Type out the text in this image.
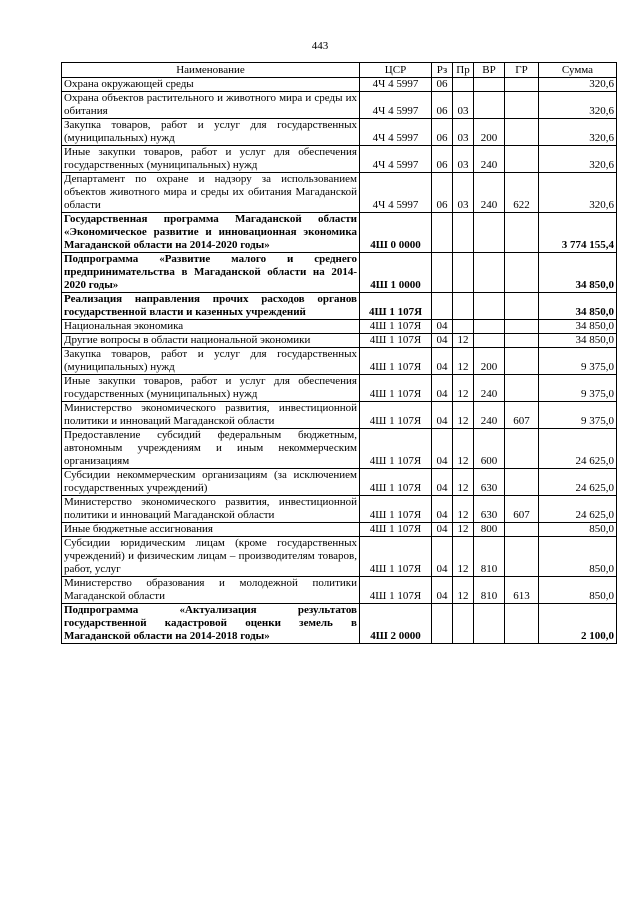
443
Наименование	ЦСР	Рз	Пр	ВР	ГР	Сумма
Охрана окружающей среды	4Ч 4 5997	06				320,6
Охрана объектов растительного и животного мира и среды их обитания	4Ч 4 5997	06	03			320,6
Закупка товаров, работ и услуг для государственных (муниципальных) нужд	4Ч 4 5997	06	03	200		320,6
Иные закупки товаров, работ и услуг для обеспечения государственных (муниципальных) нужд	4Ч 4 5997	06	03	240		320,6
Департамент по охране и надзору за использованием объектов животного мира и среды их обитания Магаданской области	4Ч 4 5997	06	03	240	622	320,6
Государственная программа Магаданской области «Экономическое развитие и инновационная экономика Магаданской области на 2014-2020 годы»	4Ш 0 0000					3 774 155,4
Подпрограмма «Развитие малого и среднего предпринимательства в Магаданской области на 2014-2020 годы»	4Ш 1 0000					34 850,0
Реализация направления прочих расходов органов государственной власти и казенных учреждений	4Ш 1 107Я					34 850,0
Национальная экономика	4Ш 1 107Я	04				34 850,0
Другие вопросы в области национальной экономики	4Ш 1 107Я	04	12			34 850,0
Закупка товаров, работ и услуг для государственных (муниципальных) нужд	4Ш 1 107Я	04	12	200		9 375,0
Иные закупки товаров, работ и услуг для обеспечения государственных (муниципальных) нужд	4Ш 1 107Я	04	12	240		9 375,0
Министерство экономического развития, инвестиционной политики и инноваций Магаданской области	4Ш 1 107Я	04	12	240	607	9 375,0
Предоставление субсидий федеральным бюджетным, автономным учреждениям и иным некоммерческим организациям	4Ш 1 107Я	04	12	600		24 625,0
Субсидии некоммерческим организациям (за исключением государственных учреждений)	4Ш 1 107Я	04	12	630		24 625,0
Министерство экономического развития, инвестиционной политики и инноваций Магаданской области	4Ш 1 107Я	04	12	630	607	24 625,0
Иные бюджетные ассигнования	4Ш 1 107Я	04	12	800		850,0
Субсидии юридическим лицам (кроме государственных учреждений) и физическим лицам – производителям товаров, работ, услуг	4Ш 1 107Я	04	12	810		850,0
Министерство образования и молодежной политики Магаданской области	4Ш 1 107Я	04	12	810	613	850,0
Подпрограмма «Актуализация результатов государственной кадастровой оценки земель в Магаданской области на 2014-2018 годы»	4Ш 2 0000					2 100,0
